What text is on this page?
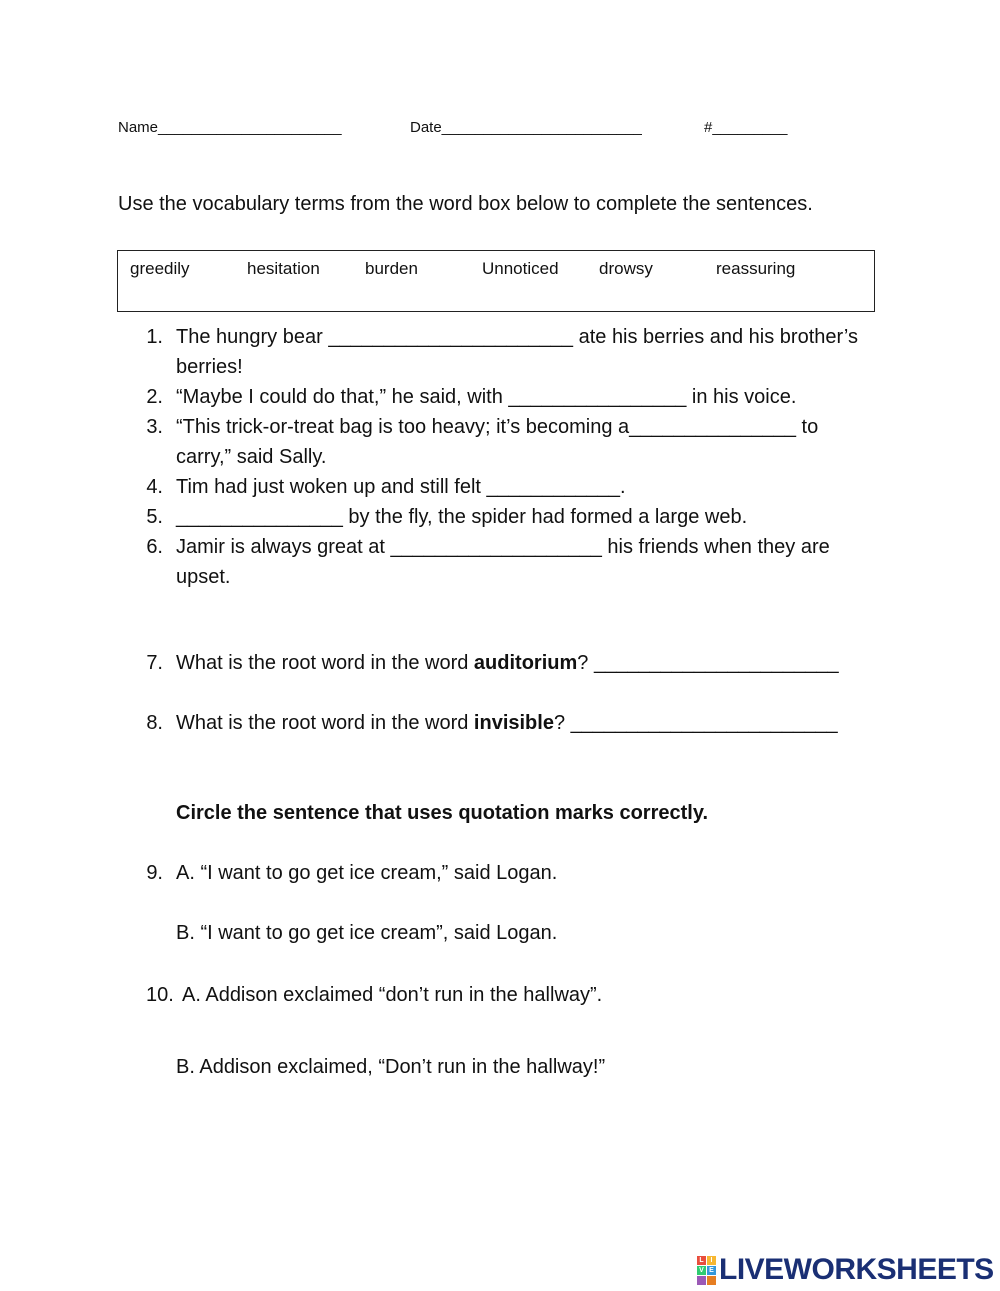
Name______________________	Date________________________	#_________
Use the vocabulary terms from the word box below to complete the sentences.
greedily	hesitation	burden	Unnoticed drowsy	reassuring
1. The hungry bear ______________________ ate his berries and his brother’s
berries!
2. “Maybe I could do that,” he said, with ________________ in his voice.
3. “This trick-or-treat bag is too heavy; it’s becoming a_______________ to
carry,” said Sally.
4. Tim had just woken up and still felt ____________.
5. _______________ by the fly, the spider had formed a large web.
6. Jamir is always great at ___________________ his friends when they are
upset.
7. What is the root word in the word auditorium? ______________________
8. What is the root word in the word invisible? ________________________
Circle the sentence that uses quotation marks correctly.
9. A. “I want to go get ice cream,” said Logan.
B. “I want to go get ice cream”, said Logan.
10. A. Addison exclaimed “don’t run in the hallway”.
B. Addison exclaimed, “Don’t run in the hallway!”
L I
V E LIVEWORKSHEETS
